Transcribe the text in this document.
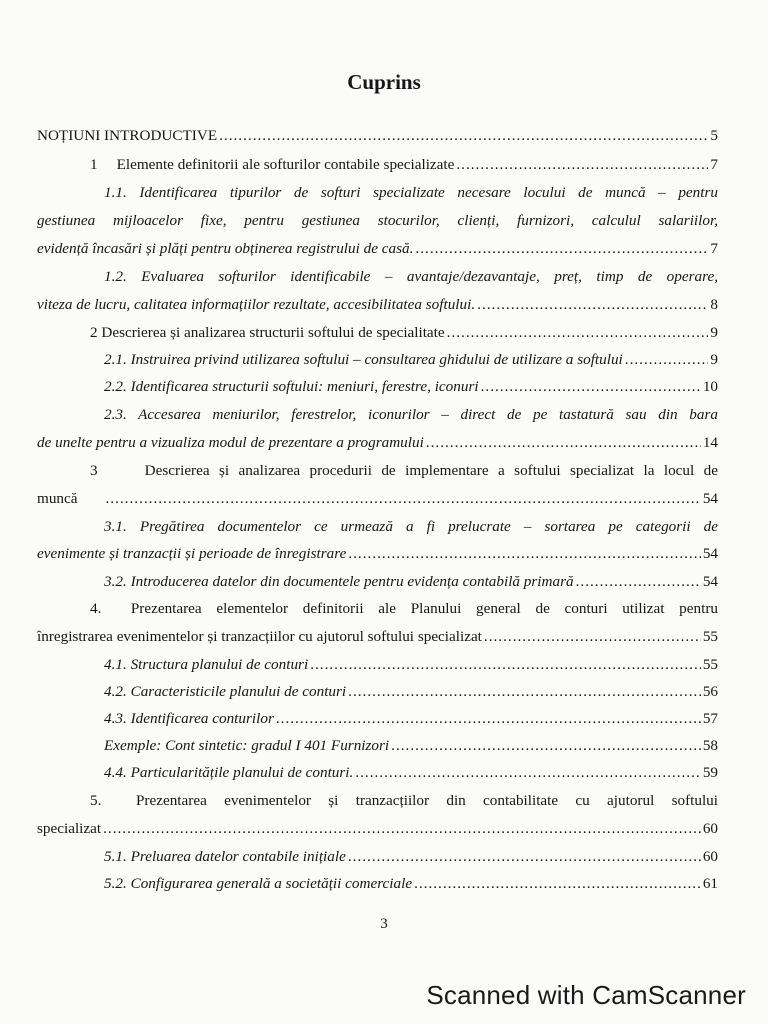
Cuprins
NOȚIUNI INTRODUCTIVE .....	5
1     Elemente definitorii ale softurilor contabile specializate .....	7
1.1. Identificarea tipurilor de softuri specializate necesare locului de muncă – pentru
gestiunea mijloacelor fixe, pentru gestiunea stocurilor, clienți, furnizori, calculul salariilor,
evidență încasări și plăți pentru obținerea registrului de casă. .....	7
1.2. Evaluarea softurilor identificabile – avantaje/dezavantaje, preț, timp de operare,
viteza de lucru, calitatea informațiilor rezultate, accesibilitatea softului. .....	8
2 Descrierea și analizarea structurii softului de specialitate .....	9
2.1. Instruirea privind utilizarea softului – consultarea ghidului de utilizare a softului .....	9
2.2. Identificarea structurii softului: meniuri, ferestre, iconuri .....	10
2.3. Accesarea meniurilor, ferestrelor, iconurilor – direct de pe tastatură sau din bara
de unelte pentru a vizualiza modul de prezentare a programului .....	14
3     Descrierea și analizarea procedurii de implementare a softului specializat la locul de
muncă .....	54
3.1. Pregătirea documentelor ce urmează a fi prelucrate – sortarea pe categorii de
evenimente și tranzacții și perioade de înregistrare .....	54
3.2. Introducerea datelor din documentele pentru evidența contabilă primară .....	54
4.  Prezentarea elementelor definitorii ale Planului general de conturi utilizat pentru
înregistrarea evenimentelor și tranzacțiilor cu ajutorul softului specializat .....	55
4.1. Structura planului de conturi .....	55
4.2. Caracteristicile planului de conturi .....	56
4.3. Identificarea conturilor .....	57
Exemple: Cont sintetic: gradul I 401 Furnizori .....	58
4.4. Particularitățile planului de conturi. .....	59
5.  Prezentarea evenimentelor și tranzacțiilor din contabilitate cu ajutorul softului
specializat .....	60
5.1. Preluarea datelor contabile inițiale .....	60
5.2. Configurarea generală a societății comerciale .....	61
3
Scanned with CamScanner
